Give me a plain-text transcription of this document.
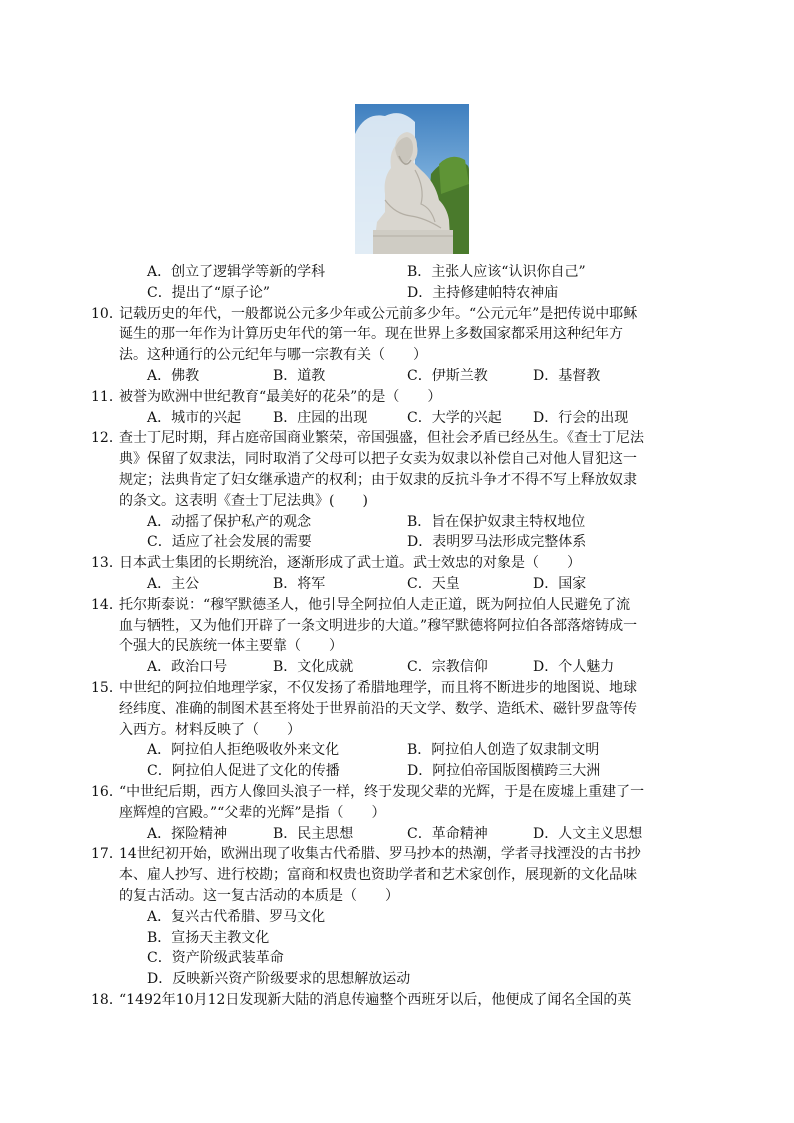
A．创立了逻辑学等新的学科	B．主张人应该“认识你自己”
C．提出了“原子论”	D．主持修建帕特农神庙
10．
记载历史的年代，一般都说公元多少年或公元前多少年。“公元元年”是把传说中耶稣
诞生的那一年作为计算历史年代的第一年。现在世界上多数国家都采用这种纪年方
法。这种通行的公元纪年与哪一宗教有关（　　）
A．佛教	B．道教	C．伊斯兰教	D．基督教
11．
被誉为欧洲中世纪教育“最美好的花朵”的是（　　）
A．城市的兴起 B．庄园的出现	C．大学的兴起 D．行会的出现
12．
查士丁尼时期，拜占庭帝国商业繁荣，帝国强盛，但社会矛盾已经丛生。《查士丁尼法
典》保留了奴隶法，同时取消了父母可以把子女卖为奴隶以补偿自己对他人冒犯这一
规定；法典肯定了妇女继承遗产的权利；由于奴隶的反抗斗争才不得不写上释放奴隶
的条文。这表明《查士丁尼法典》(　　)
A．动摇了保护私产的观念	B．旨在保护奴隶主特权地位
C．适应了社会发展的需要	D．表明罗马法形成完整体系
13．
日本武士集团的长期统治，逐渐形成了武士道。武士效忠的对象是（　　）
A．主公	B．将军	C．天皇	D．国家
14．
托尔斯泰说：“穆罕默德圣人，他引导全阿拉伯人走正道，既为阿拉伯人民避免了流
血与牺牲，又为他们开辟了一条文明进步的大道。”穆罕默德将阿拉伯各部落熔铸成一
个强大的民族统一体主要靠（　　）
A．政治口号	B．文化成就	C．宗教信仰	D．个人魅力
15．
中世纪的阿拉伯地理学家，不仅发扬了希腊地理学，而且将不断进步的地图说、地球
经纬度、准确的制图术甚至将处于世界前沿的天文学、数学、造纸术、磁针罗盘等传
入西方。材料反映了（　　）
A．阿拉伯人拒绝吸收外来文化	B．阿拉伯人创造了奴隶制文明
C．阿拉伯人促进了文化的传播	D．阿拉伯帝国版图横跨三大洲
16．
“中世纪后期，西方人像回头浪子一样，终于发现父辈的光辉，于是在废墟上重建了一
座辉煌的宫殿。”“父辈的光辉”是指（　　）
A．探险精神	B．民主思想	C．革命精神	D．人文主义思想
17．
14世纪初开始，欧洲出现了收集古代希腊、罗马抄本的热潮，学者寻找湮没的古书抄
本、雇人抄写、进行校勘；富商和权贵也资助学者和艺术家创作，展现新的文化品味
的复古活动。这一复古活动的本质是（　　）
A．复兴古代希腊、罗马文化
B．宣扬天主教文化
C．资产阶级武装革命
D．反映新兴资产阶级要求的思想解放运动
18．
“1492年10月12日发现新大陆的消息传遍整个西班牙以后，他便成了闻名全国的英
